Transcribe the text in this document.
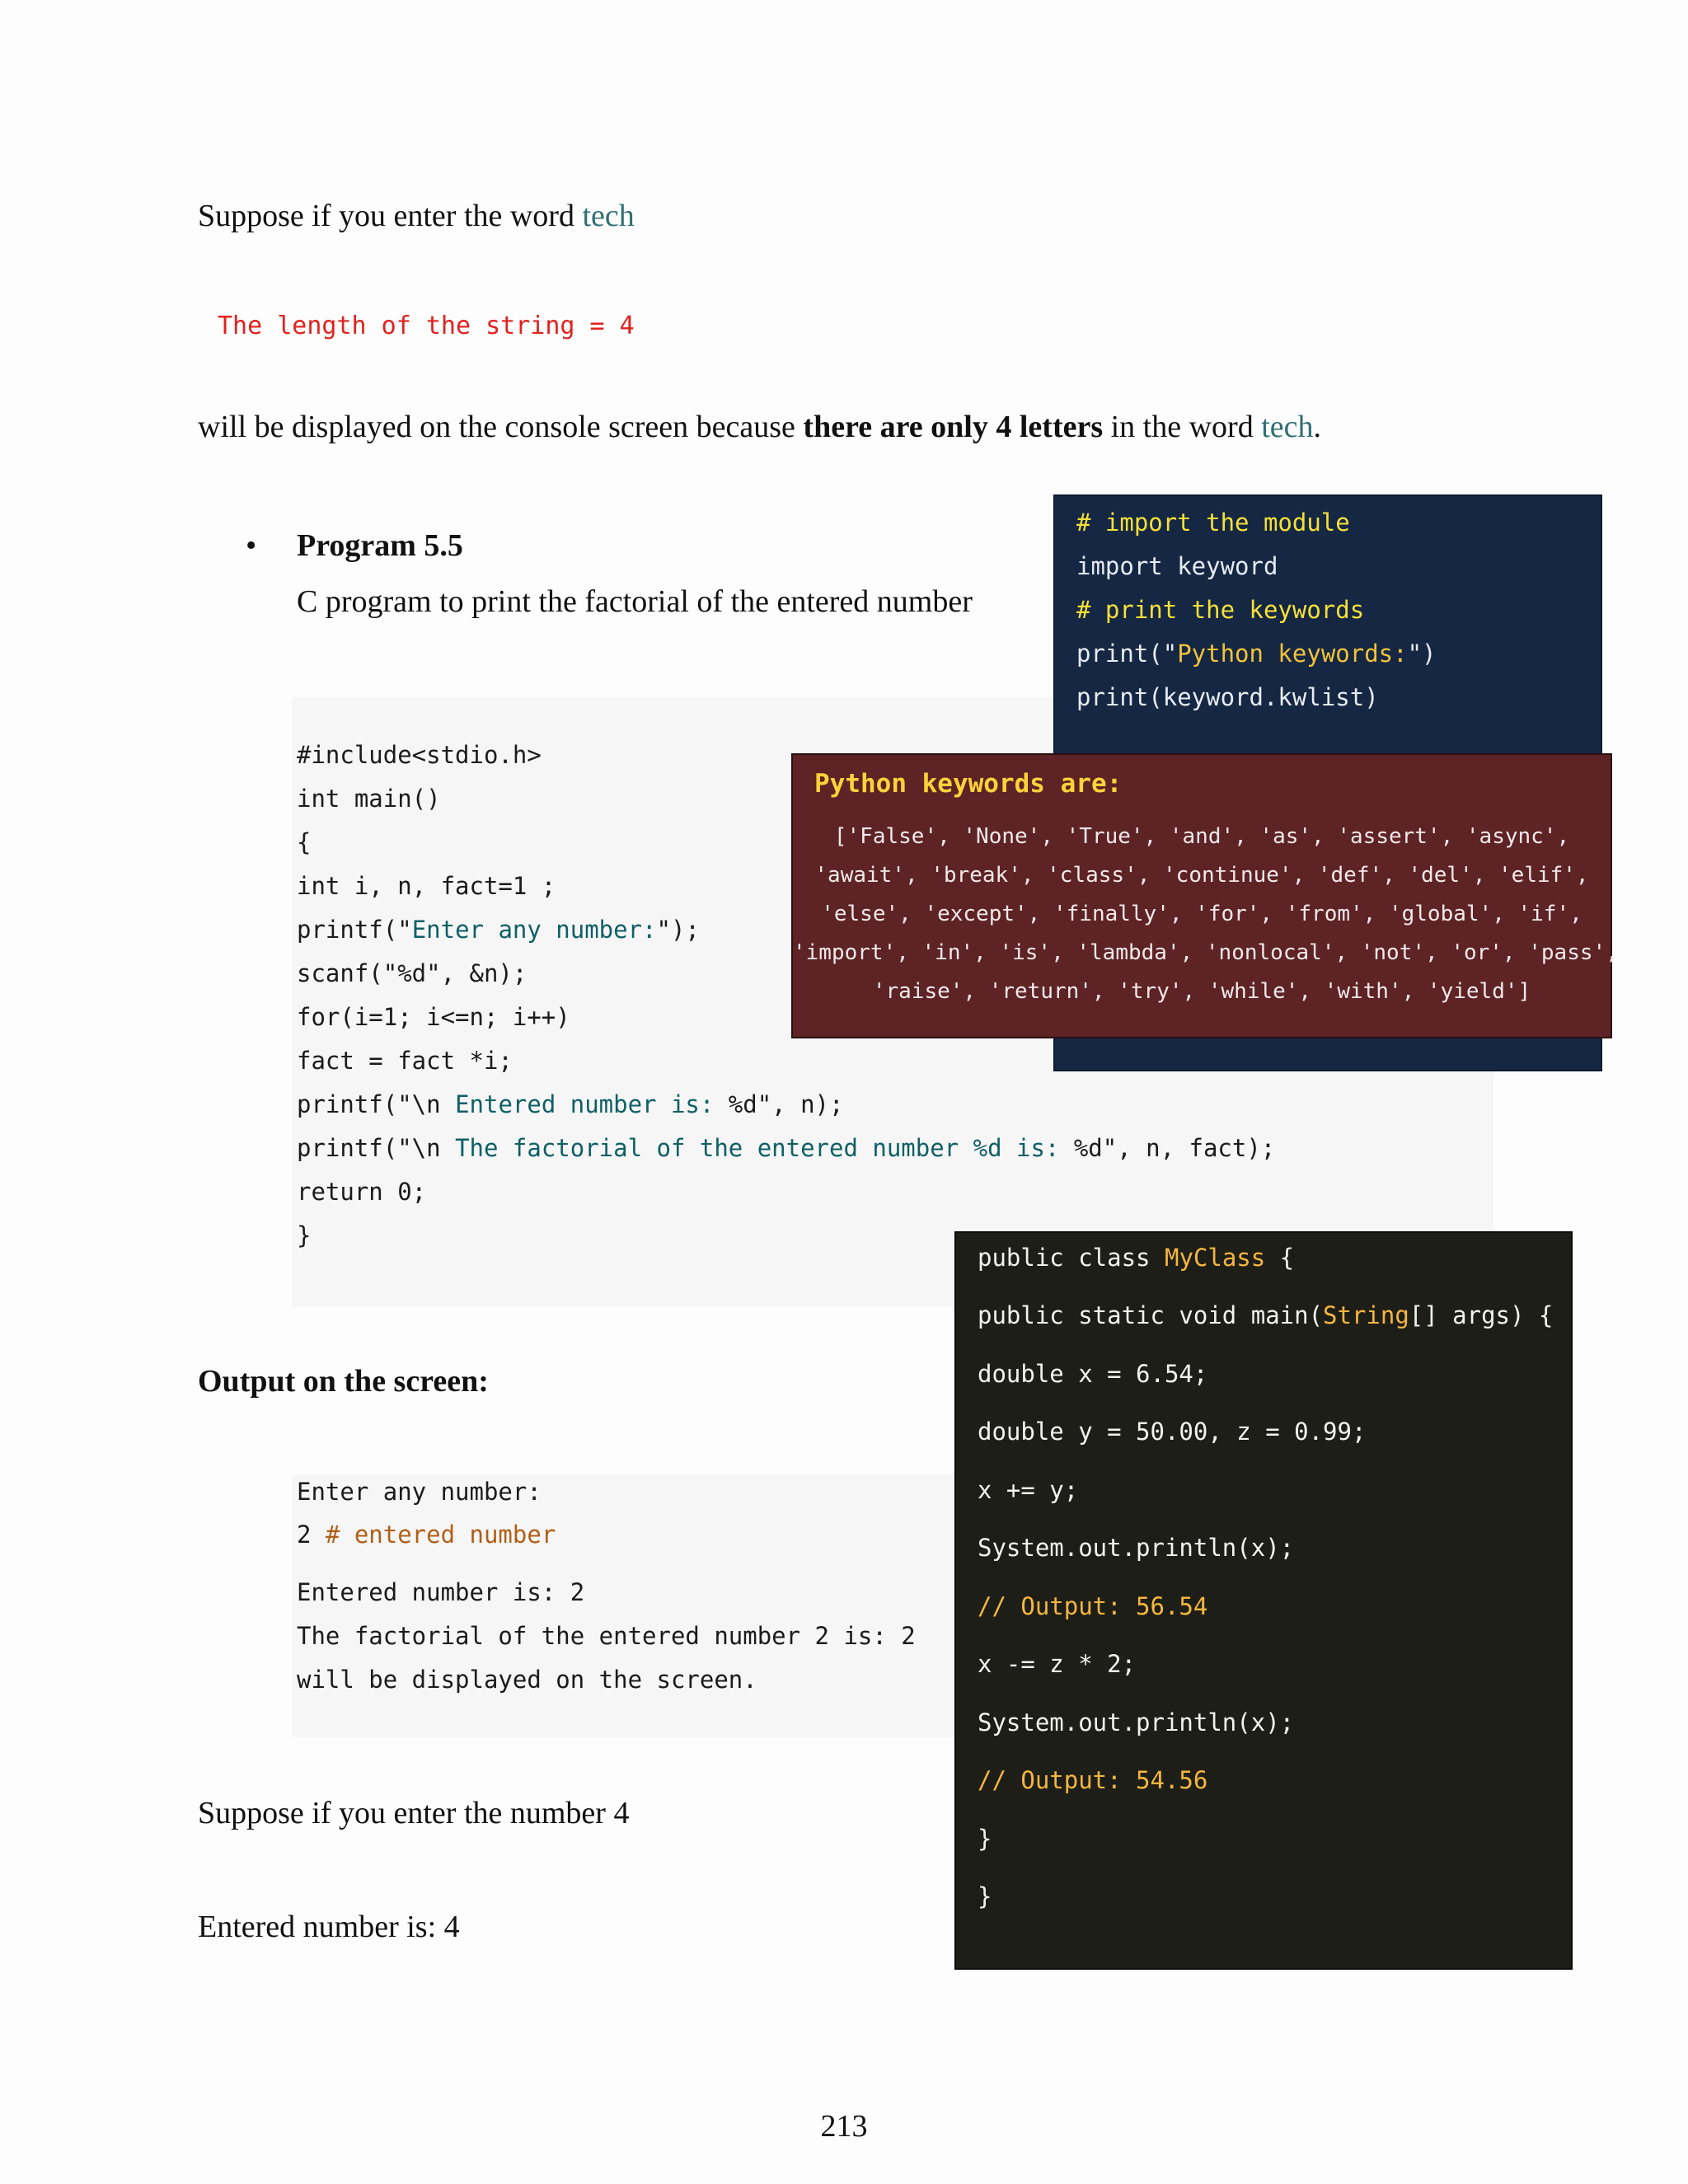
Suppose if you enter the word tech
The length of the string = 4
will be displayed on the console screen because there are only 4 letters in the word tech.
• Program 5.5
C program to print the factorial of the entered number
#include<stdio.h>
int main()
{
int i, n, fact=1 ;
printf("Enter any number:");
scanf("%d", &n);
for(i=1; i<=n; i++)
fact = fact *i;
printf("\n Entered number is: %d", n);
printf("\n The factorial of the entered number %d is: %d", n, fact);
return 0;
}
Output on the screen:
Enter any number:
2 # entered number
Entered number is: 2
The factorial of the entered number 2 is: 2
will be displayed on the screen.
Suppose if you enter the number 4
Entered number is: 4
213
# import the module
import keyword
# print the keywords
print("Python keywords:")
print(keyword.kwlist)
Python keywords are:
['False', 'None', 'True', 'and', 'as', 'assert', 'async',
'await', 'break', 'class', 'continue', 'def', 'del', 'elif',
'else', 'except', 'finally', 'for', 'from', 'global', 'if',
'import', 'in', 'is', 'lambda', 'nonlocal', 'not', 'or', 'pass',
'raise', 'return', 'try', 'while', 'with', 'yield']
public class MyClass {
public static void main(String[] args) {
double x = 6.54;
double y = 50.00, z = 0.99;
x += y;
System.out.println(x);
// Output: 56.54
x -= z * 2;
System.out.println(x);
// Output: 54.56
}
}
